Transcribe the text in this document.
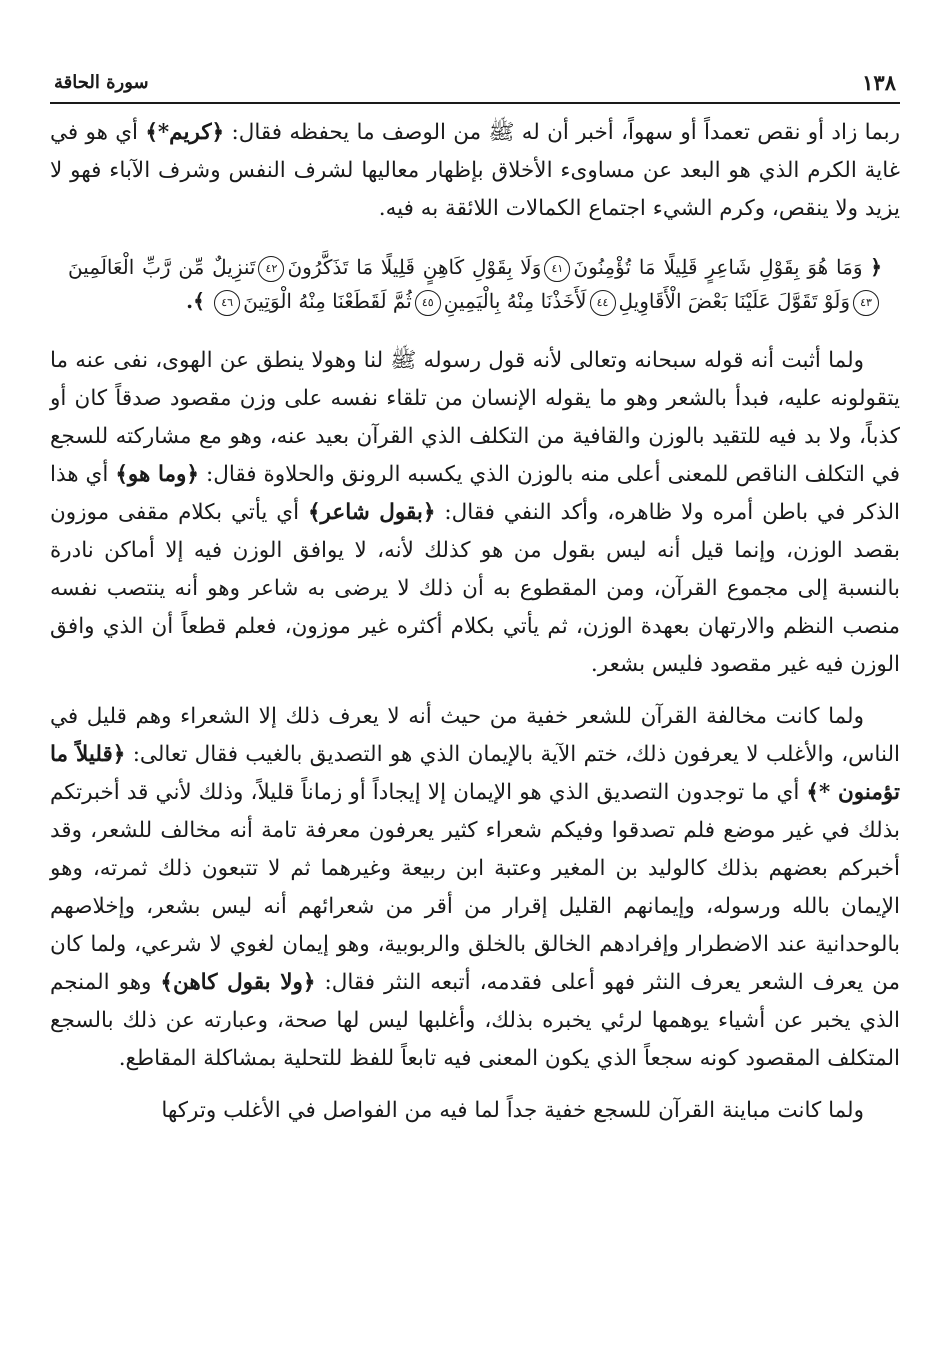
١٣٨
سورة الحاقة

ربما زاد أو نقص تعمداً أو سهواً، أخبر أن له ﷺ من الوصف ما يحفظه فقال: ﴿كريم*﴾ أي هو في غاية الكرم الذي هو البعد عن مساوىء الأخلاق بإظهار معاليها لشرف النفس وشرف الآباء فهو لا يزيد ولا ينقص، وكرم الشيء اجتماع الكمالات اللائقة به فيه.

﴿ وَمَا هُوَ بِقَوْلِ شَاعِرٍ قَلِيلًا مَا تُؤْمِنُونَ٤١وَلَا بِقَوْلِ كَاهِنٍ قَلِيلًا مَا تَذَكَّرُونَ٤٢تَنزِيلٌ مِّن رَّبِّ الْعَالَمِينَ٤٣وَلَوْ تَقَوَّلَ عَلَيْنَا بَعْضَ الْأَقَاوِيلِ٤٤لَأَخَذْنَا مِنْهُ بِالْيَمِينِ٤٥ثُمَّ لَقَطَعْنَا مِنْهُ الْوَتِينَ٤٦ ﴾.

ولما أثبت أنه قوله سبحانه وتعالى لأنه قول رسوله ﷺ لنا وهولا ينطق عن الهوى، نفى عنه ما يتقولونه عليه، فبدأ بالشعر وهو ما يقوله الإنسان من تلقاء نفسه على وزن مقصود صدقاً كان أو كذباً، ولا بد فيه للتقيد بالوزن والقافية من التكلف الذي القرآن بعيد عنه، وهو مع مشاركته للسجع في التكلف الناقص للمعنى أعلى منه بالوزن الذي يكسبه الرونق والحلاوة فقال: ﴿وما هو﴾ أي هذا الذكر في باطن أمره ولا ظاهره، وأكد النفي فقال: ﴿بقول شاعر﴾ أي يأتي بكلام مقفى موزون بقصد الوزن، وإنما قيل أنه ليس بقول من هو كذلك لأنه، لا يوافق الوزن فيه إلا أماكن نادرة بالنسبة إلى مجموع القرآن، ومن المقطوع به أن ذلك لا يرضى به شاعر وهو أنه ينتصب نفسه منصب النظم والارتهان بعهدة الوزن، ثم يأتي بكلام أكثره غير موزون، فعلم قطعاً أن الذي وافق الوزن فيه غير مقصود فليس بشعر.

ولما كانت مخالفة القرآن للشعر خفية من حيث أنه لا يعرف ذلك إلا الشعراء وهم قليل في الناس، والأغلب لا يعرفون ذلك، ختم الآية بالإيمان الذي هو التصديق بالغيب فقال تعالى: ﴿قليلاً ما تؤمنون *﴾ أي ما توجدون التصديق الذي هو الإيمان إلا إيجاداً أو زماناً قليلاً، وذلك لأني قد أخبرتكم بذلك في غير موضع فلم تصدقوا وفيكم شعراء كثير يعرفون معرفة تامة أنه مخالف للشعر، وقد أخبركم بعضهم بذلك كالوليد بن المغير وعتبة ابن ربيعة وغيرهما ثم لا تتبعون ذلك ثمرته، وهو الإيمان بالله ورسوله، وإيمانهم القليل إقرار من أقر من شعرائهم أنه ليس بشعر، وإخلاصهم بالوحدانية عند الاضطرار وإفرادهم الخالق بالخلق والربوبية، وهو إيمان لغوي لا شرعي، ولما كان من يعرف الشعر يعرف النثر فهو أعلى فقدمه، أتبعه النثر فقال: ﴿ولا بقول كاهن﴾ وهو المنجم الذي يخبر عن أشياء يوهمها لرئي يخبره بذلك، وأغلبها ليس لها صحة، وعبارته عن ذلك بالسجع المتكلف المقصود كونه سجعاً الذي يكون المعنى فيه تابعاً للفظ للتحلية بمشاكلة المقاطع.

ولما كانت مباينة القرآن للسجع خفية جداً لما فيه من الفواصل في الأغلب وتركها
